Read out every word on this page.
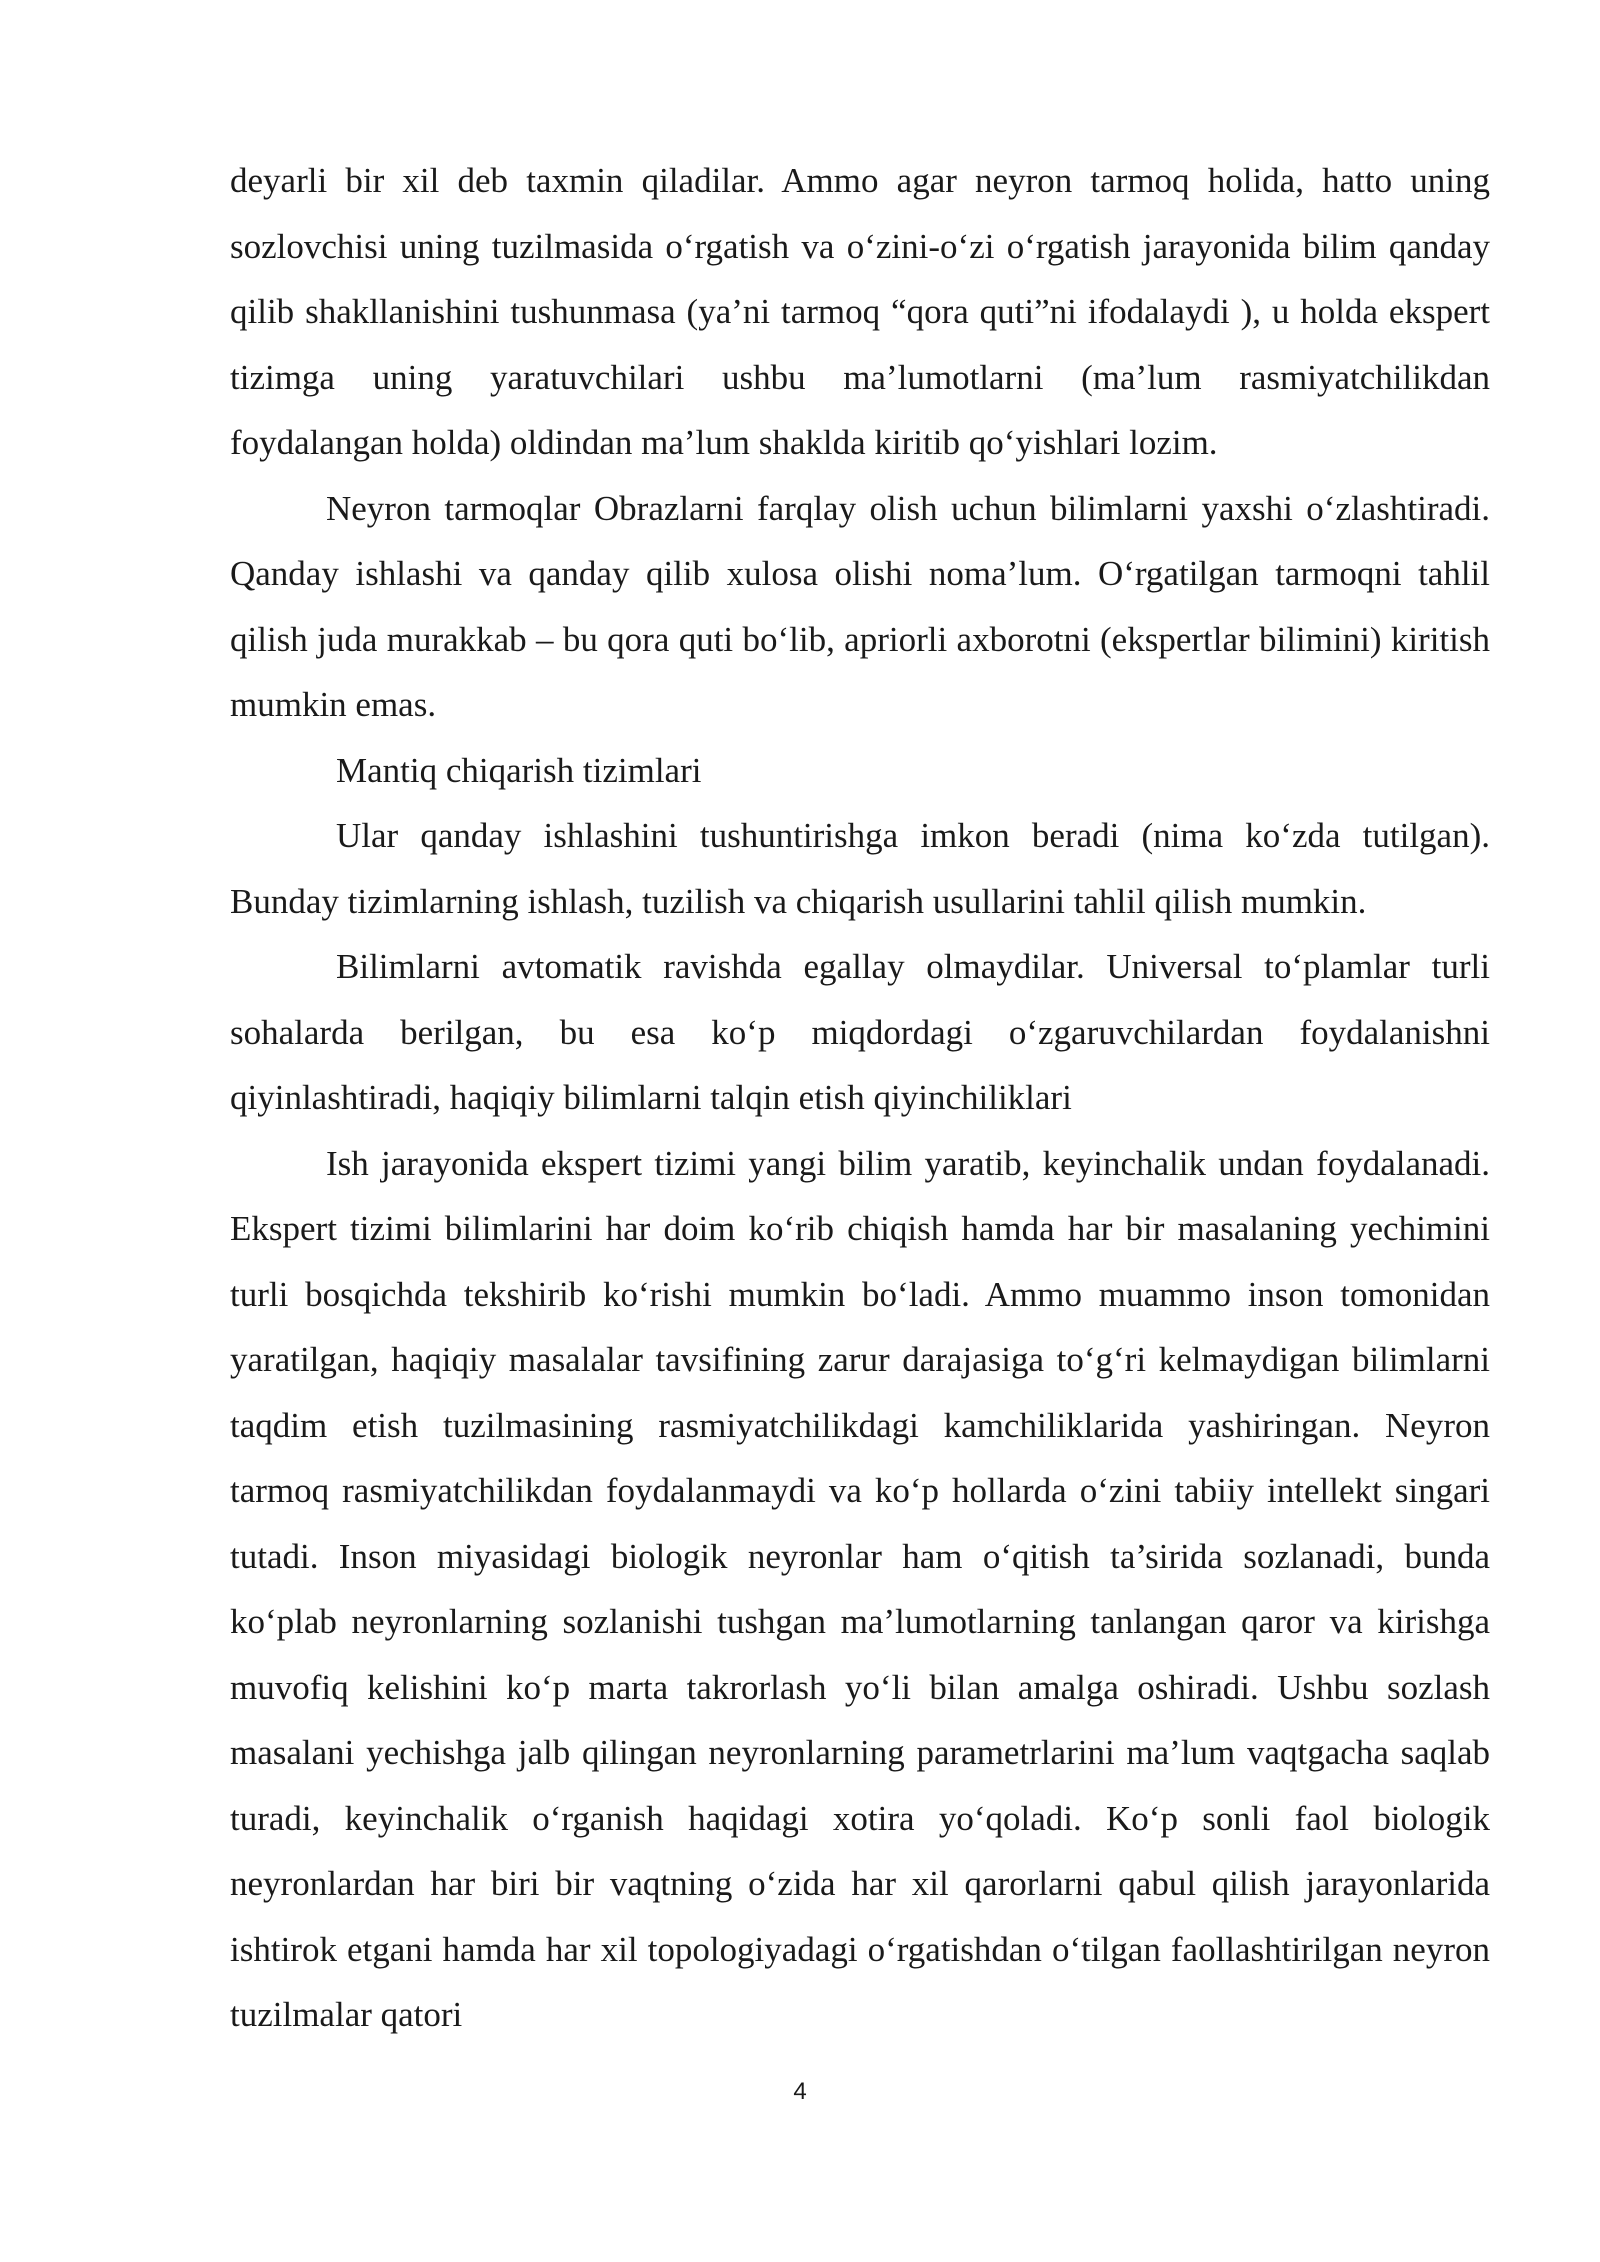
deyarli bir xil deb taxmin qiladilar. Ammo agar neyron tarmoq holida, hatto uning sozlovchisi uning tuzilmasida o‘rgatish va o‘zini-o‘zi o‘rgatish jarayonida bilim qanday qilib shakllanishini tushunmasa (ya’ni tarmoq “qora quti”ni ifodalaydi ), u holda ekspert tizimga uning yaratuvchilari ushbu ma’lumotlarni (ma’lum rasmiyatchilikdan foydalangan holda) oldindan ma’lum shaklda kiritib qo‘yishlari lozim.

Neyron tarmoqlar Obrazlarni farqlay olish uchun bilimlarni yaxshi o‘zlashtiradi. Qanday ishlashi va qanday qilib xulosa olishi noma’lum. O‘rgatilgan tarmoqni tahlil qilish juda murakkab – bu qora quti bo‘lib, apriorli axborotni (ekspertlar bilimini) kiritish mumkin emas.

Mantiq chiqarish tizimlari

Ular qanday ishlashini tushuntirishga imkon beradi (nima ko‘zda tutilgan). Bunday tizimlarning ishlash, tuzilish va chiqarish usullarini tahlil qilish mumkin.

Bilimlarni avtomatik ravishda egallay olmaydilar. Universal to‘plamlar turli sohalarda berilgan, bu esa ko‘p miqdordagi o‘zgaruvchilardan foydalanishni qiyinlashtiradi, haqiqiy bilimlarni talqin etish qiyinchiliklari

Ish jarayonida ekspert tizimi yangi bilim yaratib, keyinchalik undan foydalanadi. Ekspert tizimi bilimlarini har doim ko‘rib chiqish hamda har bir masalaning yechimini turli bosqichda tekshirib ko‘rishi mumkin bo‘ladi. Ammo muammo inson tomonidan yaratilgan, haqiqiy masalalar tavsifining zarur darajasiga to‘g‘ri kelmaydigan bilimlarni taqdim etish tuzilmasining rasmiyatchilikdagi kamchiliklarida yashiringan. Neyron tarmoq rasmiyatchilikdan foydalanmaydi va ko‘p hollarda o‘zini tabiiy intellekt singari tutadi. Inson miyasidagi biologik neyronlar ham o‘qitish ta’sirida sozlanadi, bunda ko‘plab neyronlarning sozlanishi tushgan ma’lumotlarning tanlangan qaror va kirishga muvofiq kelishini ko‘p marta takrorlash yo‘li bilan amalga oshiradi. Ushbu sozlash masalani yechishga jalb qilingan neyronlarning parametrlarini ma’lum vaqtgacha saqlab turadi, keyinchalik o‘rganish haqidagi xotira yo‘qoladi. Ko‘p sonli faol biologik neyronlardan har biri bir vaqtning o‘zida har xil qarorlarni qabul qilish jarayonlarida ishtirok etgani hamda har xil topologiyadagi o‘rgatishdan o‘tilgan faollashtirilgan neyron tuzilmalar qatori

4
